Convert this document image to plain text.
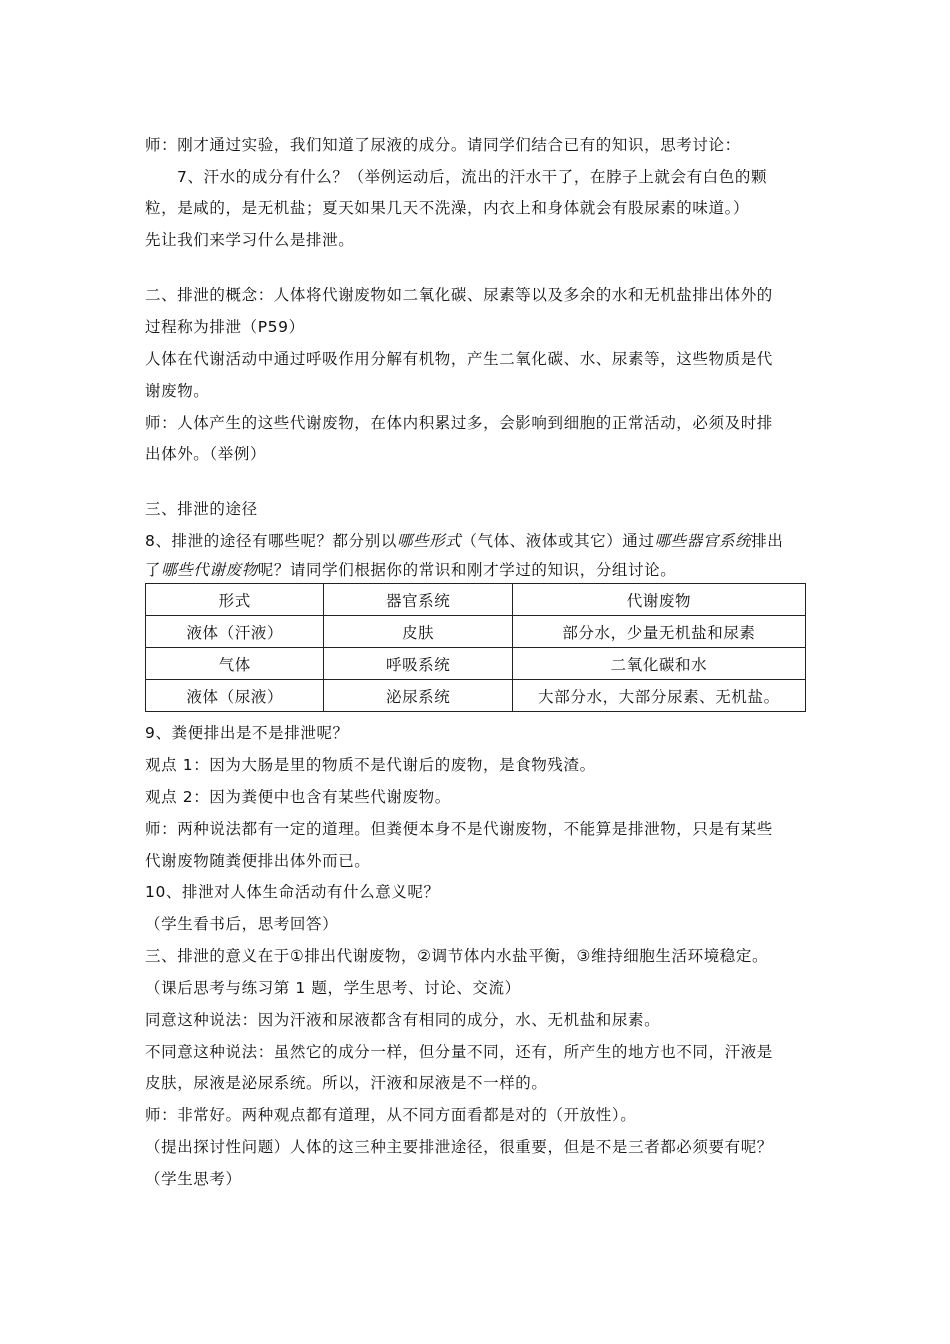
师：刚才通过实验，我们知道了尿液的成分。请同学们结合已有的知识，思考讨论：
7、汗水的成分有什么？（举例运动后，流出的汗水干了，在脖子上就会有白色的颗
粒，是咸的，是无机盐；夏天如果几天不洗澡，内衣上和身体就会有股尿素的味道。）
先让我们来学习什么是排泄。
二、排泄的概念：人体将代谢废物如二氧化碳、尿素等以及多余的水和无机盐排出体外的
过程称为排泄（P59）
人体在代谢活动中通过呼吸作用分解有机物，产生二氧化碳、水、尿素等，这些物质是代
谢废物。
师：人体产生的这些代谢废物，在体内积累过多，会影响到细胞的正常活动，必须及时排
出体外。（举例）
三、排泄的途径
8、排泄的途径有哪些呢？都分别以哪些形式（气体、液体或其它）通过哪些器官系统排出
了哪些代谢废物呢？请同学们根据你的常识和刚才学过的知识，分组讨论。
形式	器官系统	代谢废物
液体（汗液）	皮肤	部分水，少量无机盐和尿素
气体	呼吸系统	二氧化碳和水
液体（尿液）	泌尿系统	大部分水，大部分尿素、无机盐。
9、粪便排出是不是排泄呢？
观点 1：因为大肠是里的物质不是代谢后的废物，是食物残渣。
观点 2：因为粪便中也含有某些代谢废物。
师：两种说法都有一定的道理。但粪便本身不是代谢废物，不能算是排泄物，只是有某些
代谢废物随粪便排出体外而已。
10、排泄对人体生命活动有什么意义呢？
（学生看书后，思考回答）
三、排泄的意义在于①排出代谢废物，②调节体内水盐平衡，③维持细胞生活环境稳定。
（课后思考与练习第 1 题，学生思考、讨论、交流）
同意这种说法：因为汗液和尿液都含有相同的成分，水、无机盐和尿素。
不同意这种说法：虽然它的成分一样，但分量不同，还有，所产生的地方也不同，汗液是
皮肤，尿液是泌尿系统。所以，汗液和尿液是不一样的。
师：非常好。两种观点都有道理，从不同方面看都是对的（开放性）。
（提出探讨性问题）人体的这三种主要排泄途径，很重要，但是不是三者都必须要有呢？
（学生思考）
